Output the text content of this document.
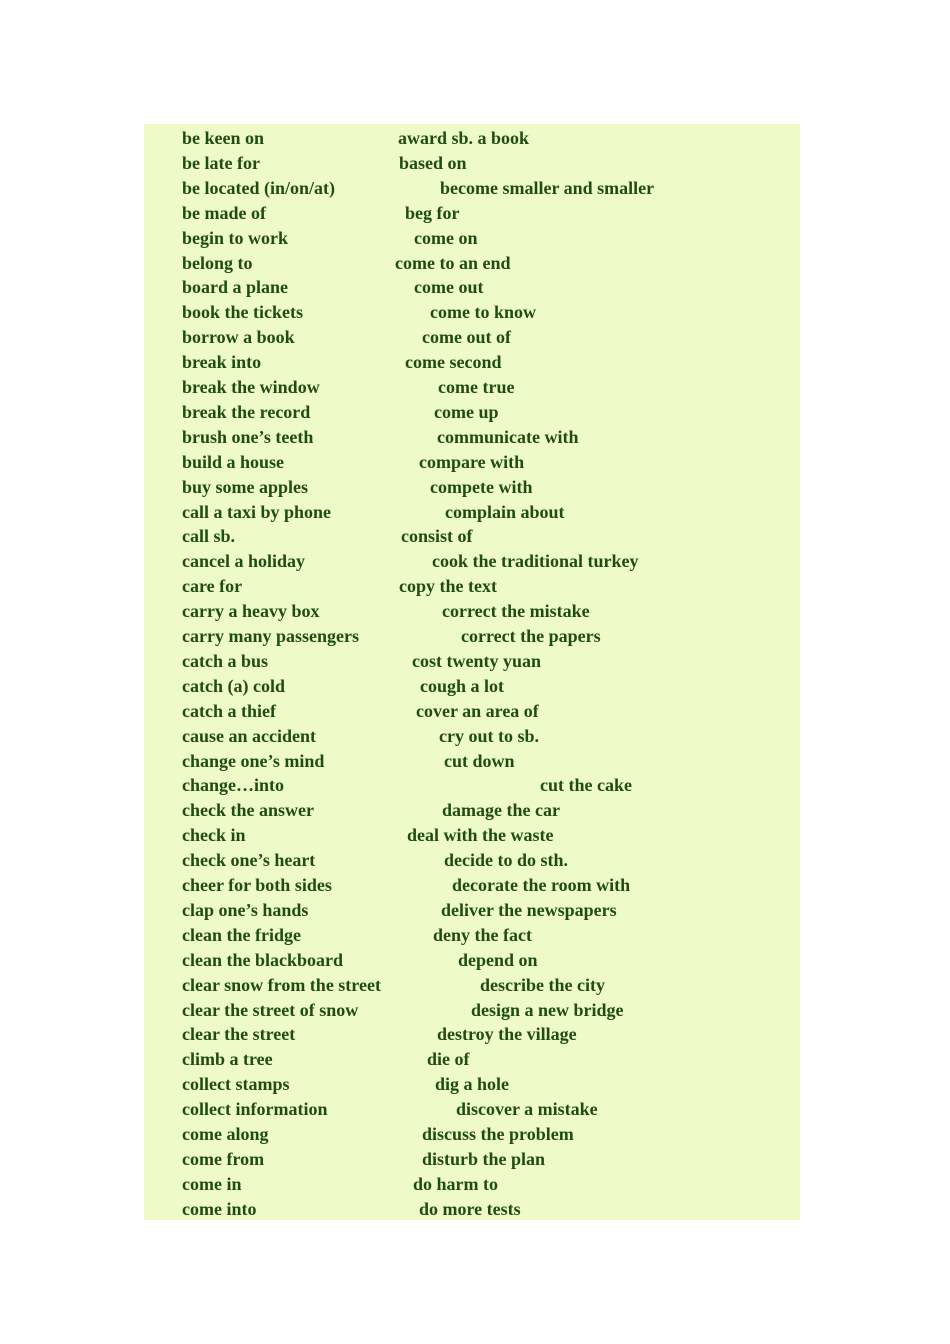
be keen on	award sb. a book
be late for	based on
be located (in/on/at)	become smaller and smaller
be made of	beg for
begin to work	come on
belong to	come to an end
board a plane	come out
book the tickets	come to know
borrow a book	come out of
break into	come second
break the window	come true
break the record	come up
brush one’s teeth	communicate with
build a house	compare with
buy some apples	compete with
call a taxi by phone	complain about
call sb.	consist of
cancel a holiday	cook the traditional turkey
care for	copy the text
carry a heavy box	correct the mistake
carry many passengers	correct the papers
catch a bus	cost twenty yuan
catch (a) cold	cough a lot
catch a thief	cover an area of
cause an accident	cry out to sb.
change one’s mind	cut down
change…into	cut the cake
check the answer	damage the car
check in	deal with the waste
check one’s heart	decide to do sth.
cheer for both sides	decorate the room with
clap one’s hands	deliver the newspapers
clean the fridge	deny the fact
clean the blackboard	depend on
clear snow from the street	describe the city
clear the street of snow	design a new bridge
clear the street	destroy the village
climb a tree	die of
collect stamps	dig a hole
collect information	discover a mistake
come along	discuss the problem
come from	disturb the plan
come in	do harm to
come into	do more tests
